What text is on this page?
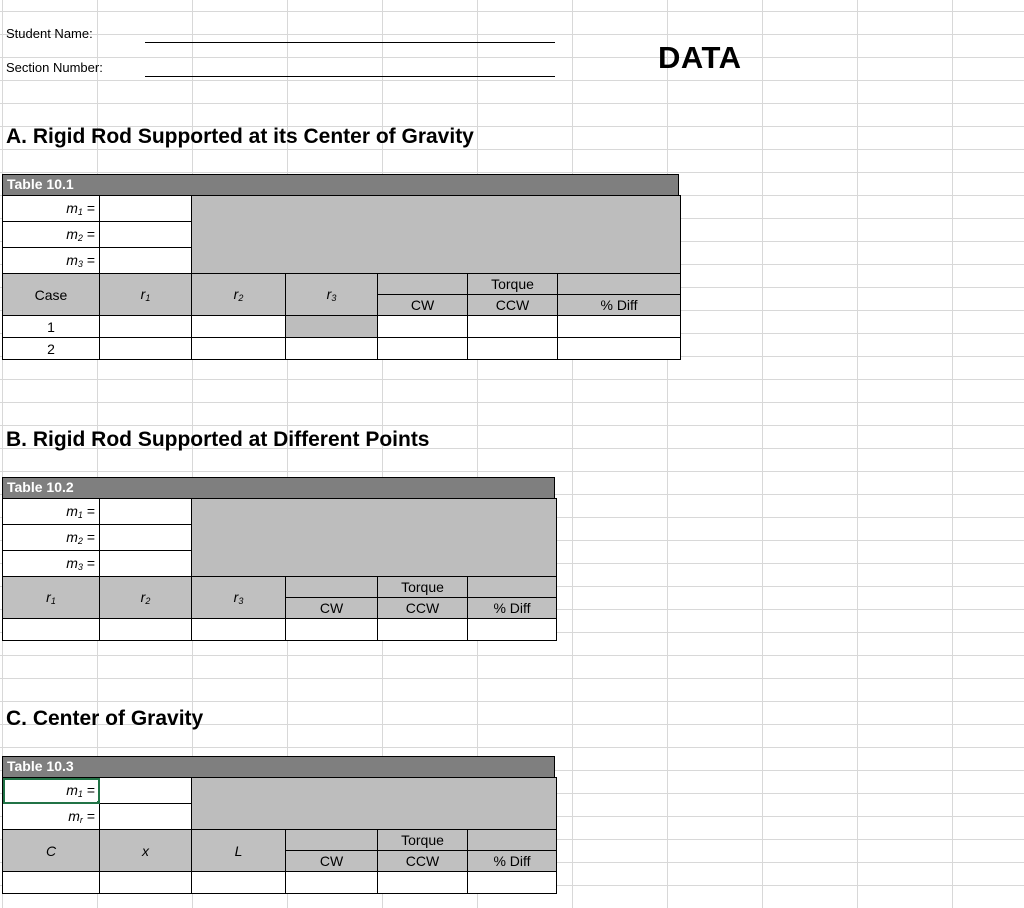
Student Name:
Section Number:	DATA
A. Rigid Rod Supported at its Center of Gravity
Table 10.1
$m_1$ =						
$m_2$ =						
$m_3$ =						
Case	$r_1$	$r_2$	$r_3$		Torque	
				CW	CCW	% Diff
1						
2						
B. Rigid Rod Supported at Different Points
Table 10.2
$m_1$ =					
$m_2$ =					
$m_3$ =					
$r_1$	$r_2$	$r_3$		Torque	
			CW	CCW	% Diff

C. Center of Gravity
Table 10.3
$m_1$ =					
$m_r$ =					
C	x	L		Torque	
			CW	CCW	% Diff
